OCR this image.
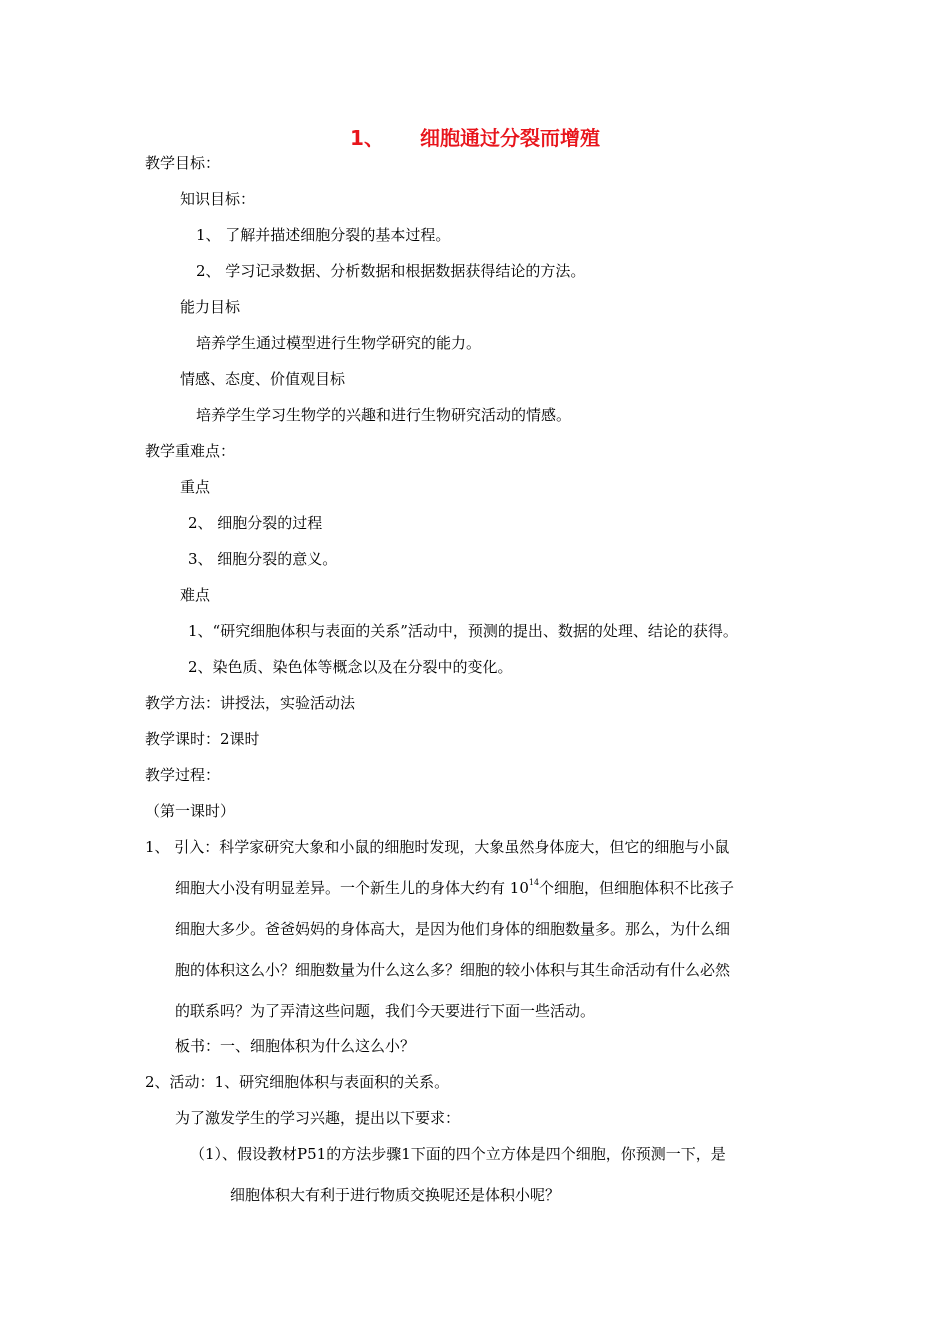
1、 细胞通过分裂而增殖
教学目标：
知识目标：
1、 了解并描述细胞分裂的基本过程。
2、 学习记录数据、分析数据和根据数据获得结论的方法。
能力目标
培养学生通过模型进行生物学研究的能力。
情感、态度、价值观目标
培养学生学习生物学的兴趣和进行生物研究活动的情感。
教学重难点：
重点
2、 细胞分裂的过程
3、 细胞分裂的意义。
难点
1、“研究细胞体积与表面的关系”活动中，预测的提出、数据的处理、结论的获得。
2、染色质、染色体等概念以及在分裂中的变化。
教学方法：讲授法，实验活动法
教学课时：2课时
教学过程：
（第一课时）
1、 引入：科学家研究大象和小鼠的细胞时发现，大象虽然身体庞大，但它的细胞与小鼠
细胞大小没有明显差异。一个新生儿的身体大约有 $10^{14}$个细胞，但细胞体积不比孩子
细胞大多少。爸爸妈妈的身体高大，是因为他们身体的细胞数量多。那么，为什么细
胞的体积这么小？细胞数量为什么这么多？细胞的较小体积与其生命活动有什么必然
的联系吗？为了弄清这些问题，我们今天要进行下面一些活动。
板书：一、细胞体积为什么这么小？
2、活动：1、研究细胞体积与表面积的关系。
为了激发学生的学习兴趣，提出以下要求：
（1）、假设教材P51的方法步骤1下面的四个立方体是四个细胞，你预测一下，是
细胞体积大有利于进行物质交换呢还是体积小呢？
